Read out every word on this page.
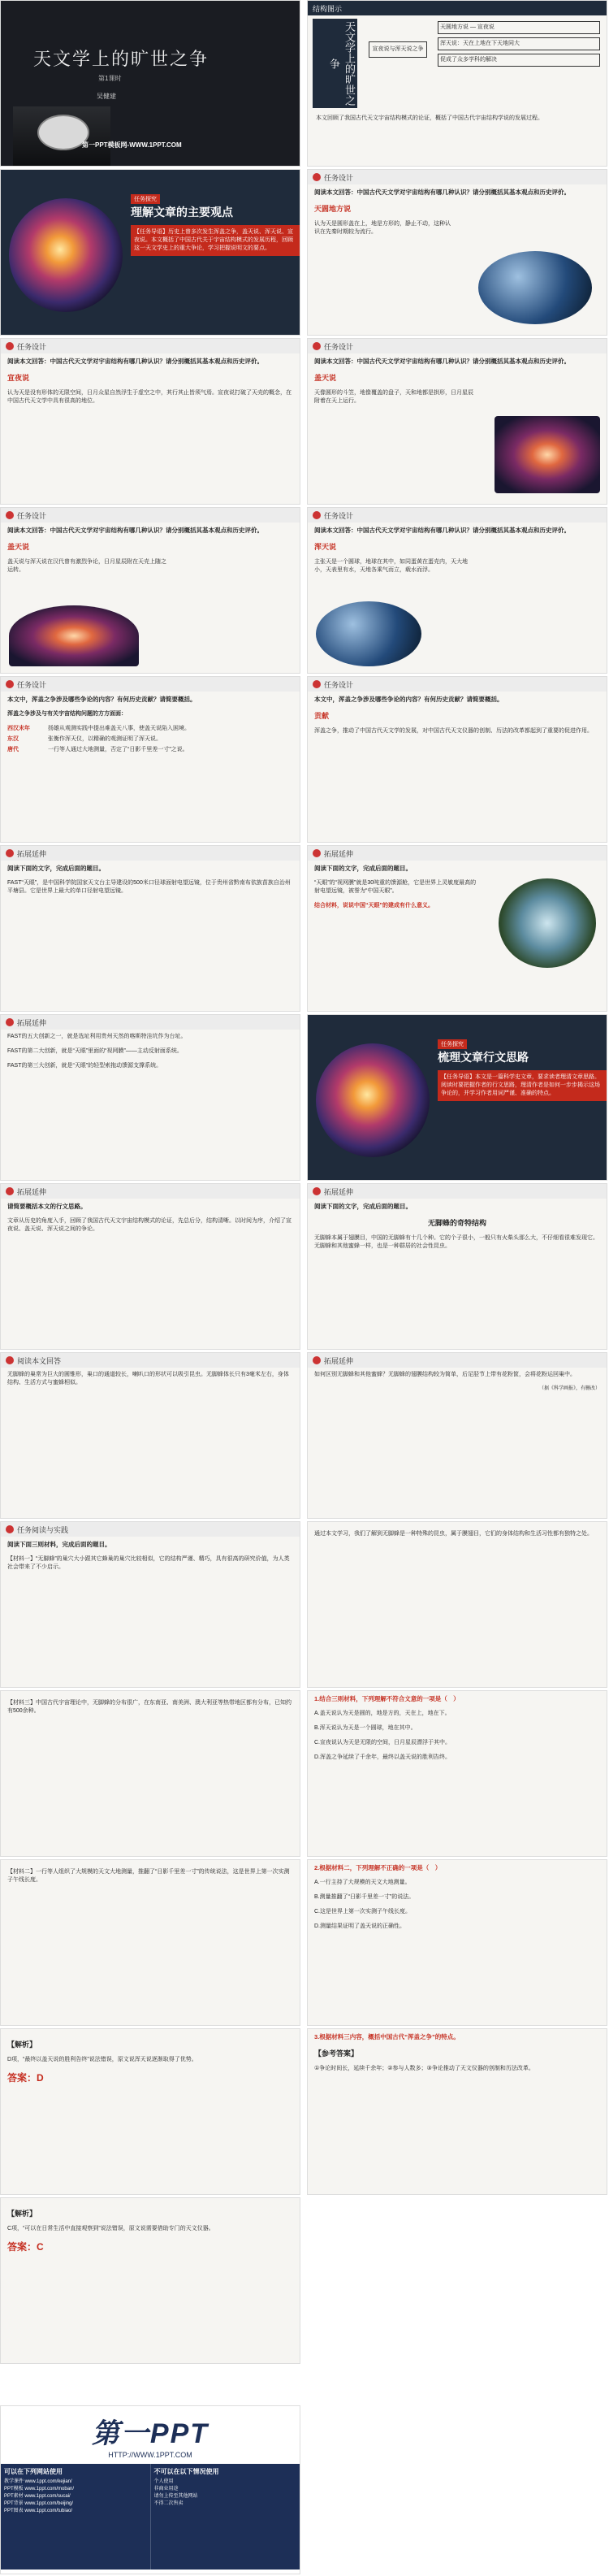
天文学上的旷世之争
第1课时
吴健建
第一PPT模板网-WWW.1PPT.COM
结构图示
天文学上的旷世之争
宣夜说与浑天说之争
天圆地方说 — 宣夜说
浑天说：天在上地在下天地同大
促成了众多学科的解决
本文回顾了我国古代天文宇宙结构模式的论证，概括了中国古代宇宙结构学说的发展过程。
任务探究
理解文章的主要观点
【任务导语】历史上曾多次发生浑盖之争，盖天说、浑天说、宣夜说。本文概括了中国古代关于宇宙结构模式的发展历程，回顾这一天文学史上的重大争论，学习把握说明文的要点。
任务设计
阅读本文回答：中国古代天文学对宇宙结构有哪几种认识？请分别概括其基本观点和历史评价。
天圆地方说
认为天是圆形盖在上，地是方形的，静止不动，这种认识在先秦时期较为流行。
任务设计
阅读本文回答：中国古代天文学对宇宙结构有哪几种认识？请分别概括其基本观点和历史评价。
宣夜说
认为天是没有形体的无限空间，日月众星自然浮生于虚空之中，其行其止皆须气焉。宣夜说打破了天壳的概念，在中国古代天文学中具有很高的地位。
任务设计
阅读本文回答：中国古代天文学对宇宙结构有哪几种认识？请分别概括其基本观点和历史评价。
盖天说
天像圆形的斗笠，地像覆盖的盘子，天和地都是拱形，日月星辰附着在天上运行。
任务设计
阅读本文回答：中国古代天文学对宇宙结构有哪几种认识？请分别概括其基本观点和历史评价。
盖天说
盖天说与浑天说在汉代曾有激烈争论，日月星辰附在天壳上随之运转。
任务设计
阅读本文回答：中国古代天文学对宇宙结构有哪几种认识？请分别概括其基本观点和历史评价。
浑天说
主张天是一个圆球，地球在其中，如同蛋黄在蛋壳内，天大地小，天表里有水，天地各乘气而立，载水而浮。
任务设计
本文中，浑盖之争涉及哪些争论的内容？有何历史贡献？请简要概括。
浑盖之争涉及与有关宇宙结构问题的方方面面：
西汉末年	扬雄从观测实践中提出难盖天八事，使盖天说陷入困境。
东汉	张衡作浑天仪，以精确的观测证明了浑天说。
唐代	一行等人通过大地测量，否定了“日影千里差一寸”之说。
任务设计
本文中，浑盖之争涉及哪些争论的内容？有何历史贡献？请简要概括。
贡献
浑盖之争，推动了中国古代天文学的发展，对中国古代天文仪器的创制、历法的改革都起到了重要的促进作用。
拓展延伸
阅读下面的文字，完成后面的题目。
FAST“天眼”，是中国科学院国家天文台主导建设的500米口径球面射电望远镜，位于贵州省黔南布依族苗族自治州平塘县。它是世界上最大的单口径射电望远镜。
拓展延伸
阅读下面的文字，完成后面的题目。
“天眼”的“视网膜”就是30吨重的馈源舱，它是世界上灵敏度最高的射电望远镜，被誉为“中国天眼”。
结合材料，说说中国“天眼”的建成有什么意义。
拓展延伸
FAST的五大创新之一，就是选址利用贵州天然的喀斯特洼坑作为台址。
FAST的第二大创新，就是“天眼”里面的“视网膜”——主动反射面系统。
FAST的第三大创新，就是“天眼”的轻型索拖动馈源支撑系统。
任务探究
梳理文章行文思路
【任务导语】本文是一篇科学史文章，要求读者理清文章思路。阅读时要把握作者的行文思路，理清作者是如何一步步揭示这场争论的，并学习作者用词严谨、准确的特点。
拓展延伸
请简要概括本文的行文思路。
文章从历史的角度入手，回顾了我国古代天文宇宙结构模式的论证，先总后分，结构清晰。以时间为序，介绍了宣夜说、盖天说、浑天说之间的争论。
拓展延伸
阅读下面的文字，完成后面的题目。
无脚蜂的奇特结构
无脚蜂本属于翅膜目，中国的无脚蜂有十几个种。它的个子很小，一般只有火柴头那么大，不仔细看很难发现它。无脚蜂和其他蜜蜂一样，也是一种群居的社会性昆虫。
阅读本文回答
无脚蜂的巢常为巨大的圆锥形，巢口的通道较长，喇叭口的形状可以吸引昆虫。无脚蜂体长只有3毫米左右，身体结构、生活方式与蜜蜂相似。
拓展延伸
如何区别无脚蜂和其他蜜蜂？无脚蜂的翅膜结构较为简单，后足胫节上带有花粉筐，会将花粉运回巢中。
（据《科学画报》，有删改）
任务阅读与实践
阅读下面三则材料，完成后面的题目。
【材料一】“无脚蜂”的巢穴大小跟其它蜂巢的巢穴比较相似，它的结构严谨、精巧，具有很高的研究价值，为人类社会带来了不少启示。
通过本文学习，我们了解到无脚蜂是一种特殊的昆虫，属于膜翅目，它们的身体结构和生活习性都有独特之处。
【材料三】中国古代宇宙理论中，无脚蜂的分布很广，在东南亚、南美洲、澳大利亚等热带地区都有分布，已知约有500余种。
1.结合三则材料，下列理解不符合文意的一项是（　）
A.盖天说认为天是圆的，地是方的，天在上，地在下。
B.浑天说认为天是一个圆球，地在其中。
C.宣夜说认为天是无限的空间，日月星辰漂浮于其中。
D.浑盖之争延续了千余年，最终以盖天说的胜利告终。
【材料二】一行等人组织了大规模的天文大地测量，推翻了“日影千里差一寸”的传统说法，这是世界上第一次实测子午线长度。
2.根据材料二，下列理解不正确的一项是（　）
A.一行主持了大规模的天文大地测量。
B.测量推翻了“日影千里差一寸”的说法。
C.这是世界上第一次实测子午线长度。
D.测量结果证明了盖天说的正确性。
【解析】
D项，“最终以盖天说的胜利告终”说法错误，原文说浑天说逐渐取得了优势。
答案：D
3.根据材料三内容，概括中国古代“浑盖之争”的特点。
【参考答案】
①争论时间长，延续千余年；②参与人数多；③争论推动了天文仪器的创制和历法改革。
【解析】
C项，“可以在日常生活中直接观察到”说法错误，原文说需要借助专门的天文仪器。
答案：C
第一PPT
HTTP://WWW.1PPT.COM
可以在下列网站使用
教学课件 www.1ppt.com/kejian/
PPT模板 www.1ppt.com/moban/
PPT素材 www.1ppt.com/sucai/
PPT背景 www.1ppt.com/beijing/
PPT图表 www.1ppt.com/tubiao/
不可以在以下情况使用
个人使用
非商业用途
请勿上传至其他网站
不得二次售卖
